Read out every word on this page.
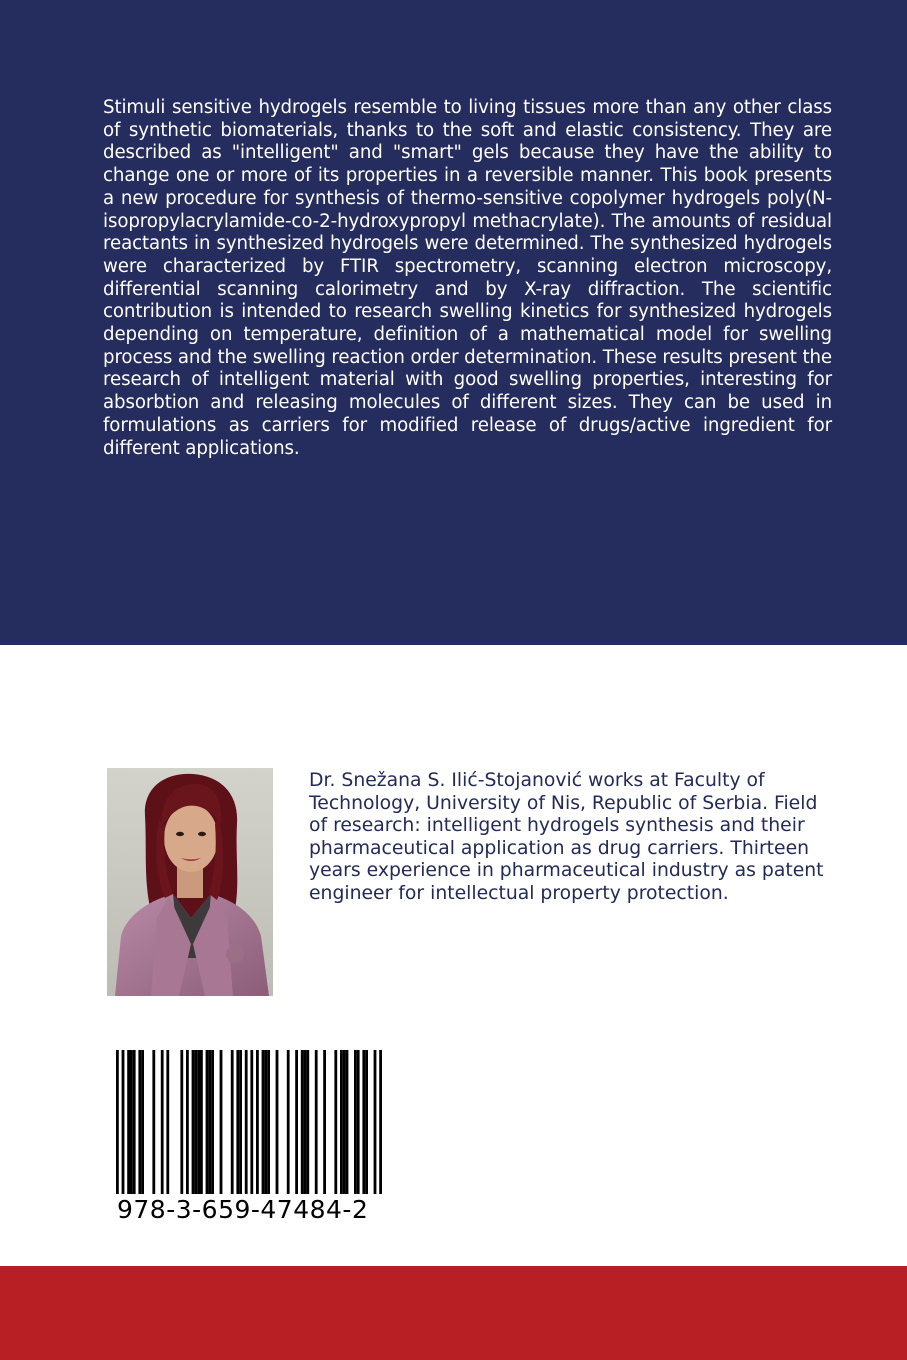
Stimuli sensitive hydrogels resemble to living tissues more than any other class of synthetic biomaterials, thanks to the soft and elastic consistency. They are described as "intelligent" and "smart" gels because they have the ability to change one or more of its properties in a reversible manner. This book presents a new procedure for synthesis of thermo-sensitive copolymer hydrogels poly(N-isopropylacrylamide-co-2-hydroxypropyl methacrylate). The amounts of residual reactants in synthesized hydrogels were determined. The synthesized hydrogels were characterized by FTIR spectrometry, scanning electron microscopy, differential scanning calorimetry and by X-ray diffraction. The scientific contribution is intended to research swelling kinetics for synthesized hydrogels depending on temperature, definition of a mathematical model for swelling process and the swelling reaction order determination. These results present the research of intelligent material with good swelling properties, interesting for absorbtion and releasing molecules of different sizes. They can be used in formulations as carriers for modified release of drugs/active ingredient for different applications.

Dr. Snežana S. Ilić-Stojanović works at Faculty of Technology, University of Nis, Republic of Serbia. Field of research: intelligent hydrogels synthesis and their pharmaceutical application as drug carriers. Thirteen years experience in pharmaceutical industry as patent engineer for intellectual property protection.

978-3-659-47484-2
